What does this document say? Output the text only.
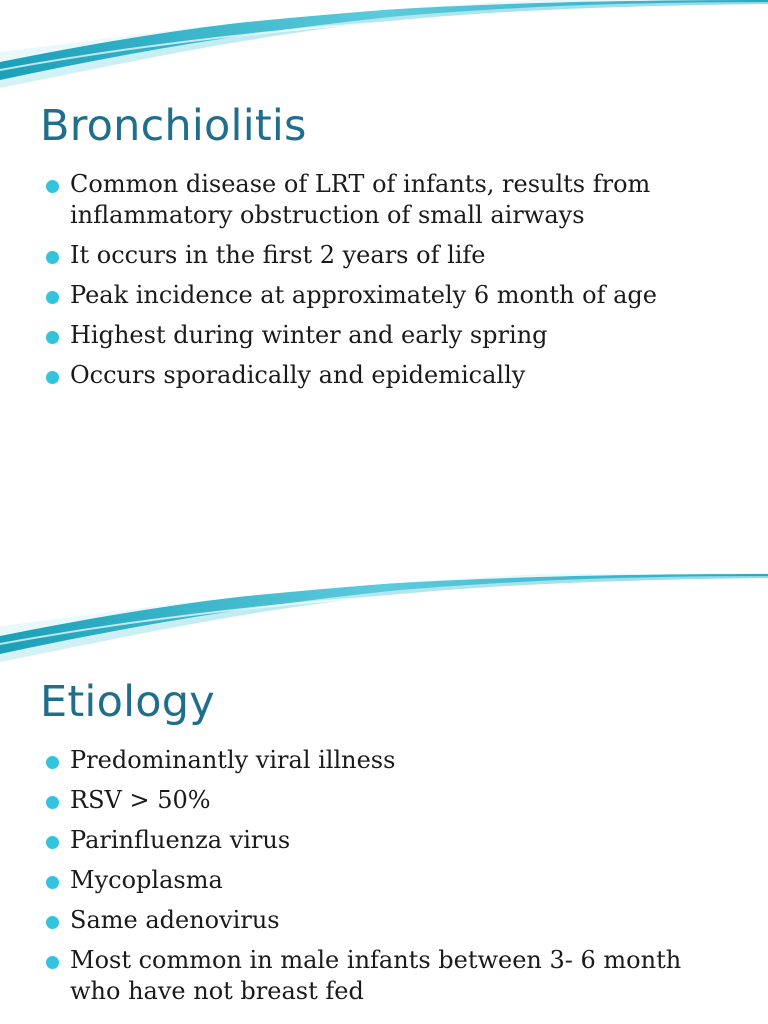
Bronchiolitis
Common disease of LRT of infants, results from inflammatory obstruction of small airways
It occurs in the first 2 years of life
Peak incidence at approximately 6 month of age
Highest during winter and early spring
Occurs sporadically and epidemically
Etiology
Predominantly viral illness
RSV > 50%
Parinfluenza virus
Mycoplasma
Same adenovirus
Most common in male infants between 3- 6 month who have not breast fed
